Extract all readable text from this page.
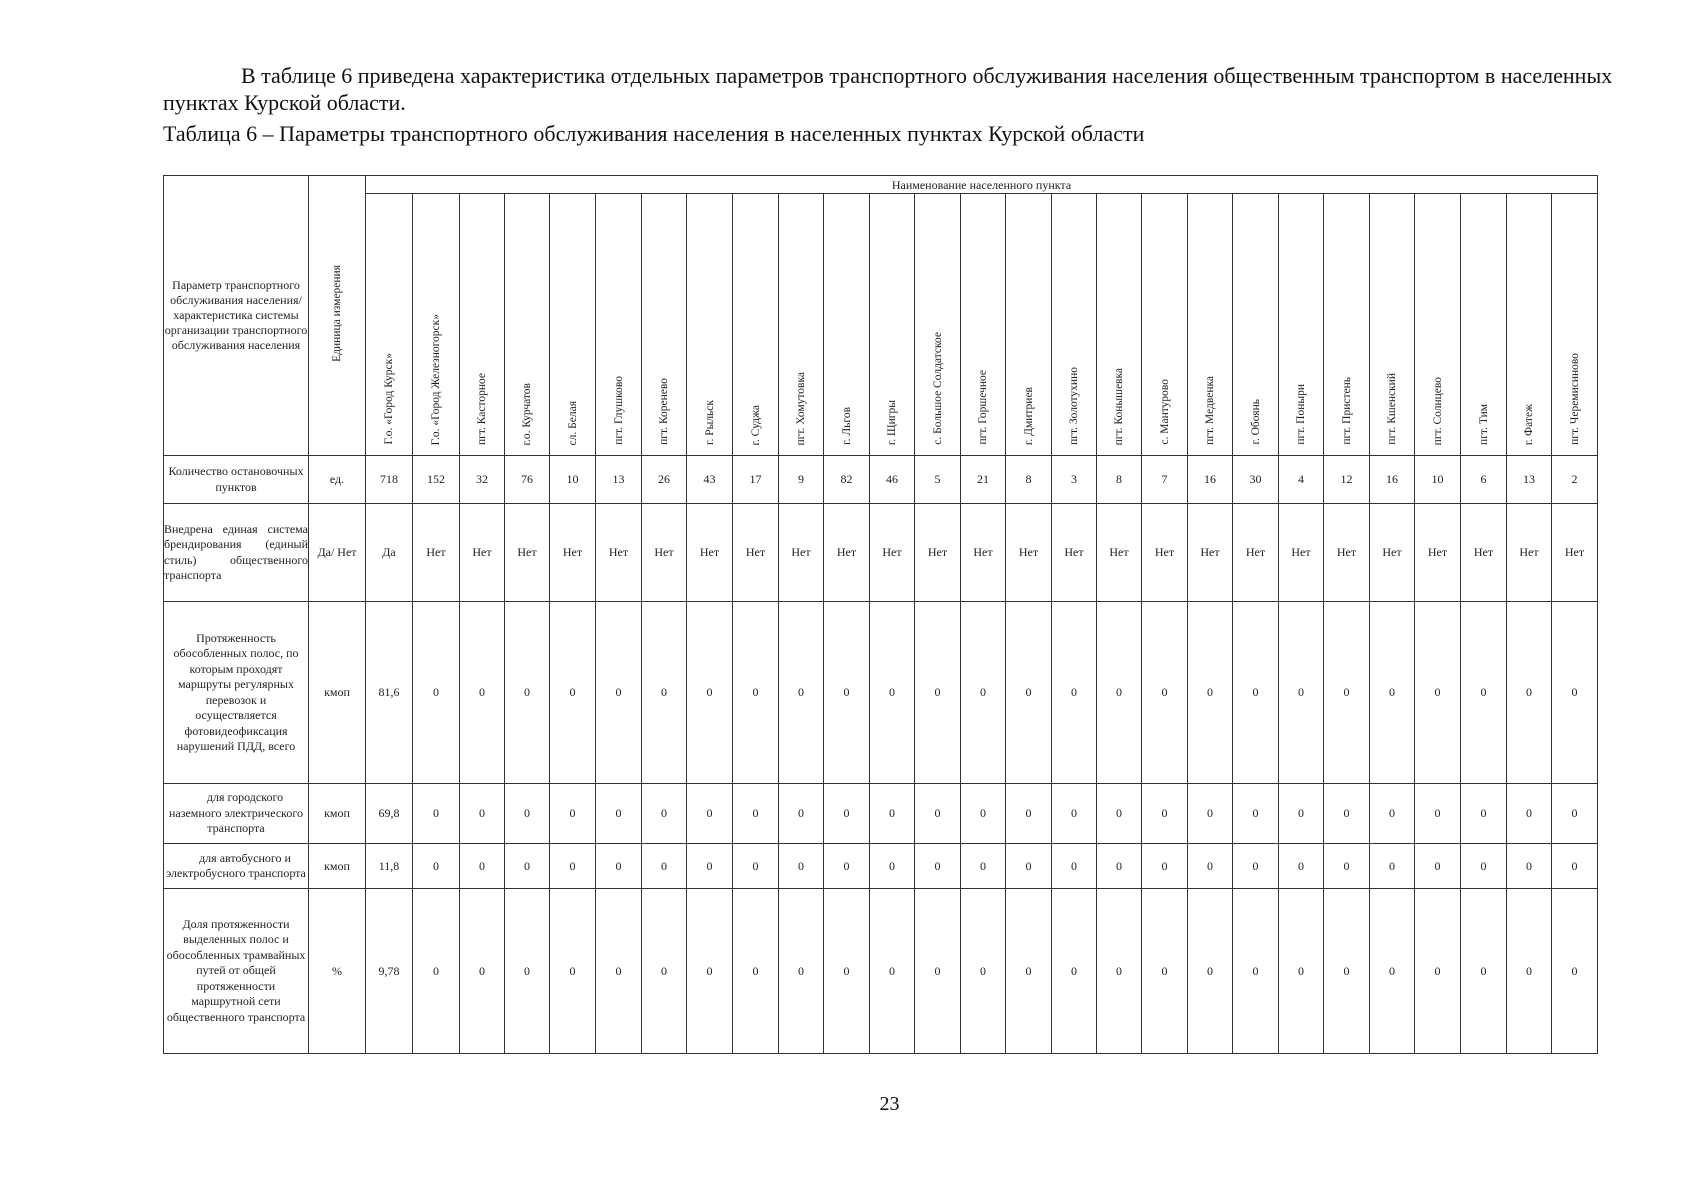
В таблице 6 приведена характеристика отдельных параметров транспортного обслуживания населения общественным транспортом в населенных пунктах Курской области.

Таблица 6 – Параметры транспортного обслуживания населения в населенных пунктах Курской области

Параметр транспортного обслуживания населения/ характеристика системы организации транспортного обслуживания населения	Единица измерения	Наименование населенного пункта																										
		Г.о. «Город Курск»	Г.о. «Город Железногорск»	пгт. Касторное	г.о. Курчатов	сл. Белая	пгт. Глушково	пгт. Коренево	г. Рыльск	г. Суджа	пгт. Хомутовка	г. Льгов	г. Щигры	с. Большое Солдатское	пгт. Горшечное	г. Дмитриев	пгт. Золотухино	пгт. Конышевка	с. Мантурово	пгт. Медвенка	г. Обоянь	пгт. Поныри	пгт. Пристень	пгт. Кшенский	пгт. Солнцево	пгт. Тим	г. Фатеж	пгт. Черемисиново
Количество остановочных пунктов	ед.	718	152	32	76	10	13	26	43	17	9	82	46	5	21	8	3	8	7	16	30	4	12	16	10	6	13	2
Внедрена единая система брендирования (единый стиль) общественного транспорта	Да/ Нет	Да	Нет	Нет	Нет	Нет	Нет	Нет	Нет	Нет	Нет	Нет	Нет	Нет	Нет	Нет	Нет	Нет	Нет	Нет	Нет	Нет	Нет	Нет	Нет	Нет	Нет	Нет
Протяженность обособленных полос, по которым проходят маршруты регулярных перевозок и осуществляется фотовидеофиксация нарушений ПДД, всего	кмоп	81,6	0	0	0	0	0	0	0	0	0	0	0	0	0	0	0	0	0	0	0	0	0	0	0	0	0	0
для городского наземного электрического транспорта	кмоп	69,8	0	0	0	0	0	0	0	0	0	0	0	0	0	0	0	0	0	0	0	0	0	0	0	0	0	0
для автобусного и электробусного транспорта	кмоп	11,8	0	0	0	0	0	0	0	0	0	0	0	0	0	0	0	0	0	0	0	0	0	0	0	0	0	0
Доля протяженности выделенных полос и обособленных трамвайных путей от общей протяженности маршрутной сети общественного транспорта	%	9,78	0	0	0	0	0	0	0	0	0	0	0	0	0	0	0	0	0	0	0	0	0	0	0	0	0	0
23
